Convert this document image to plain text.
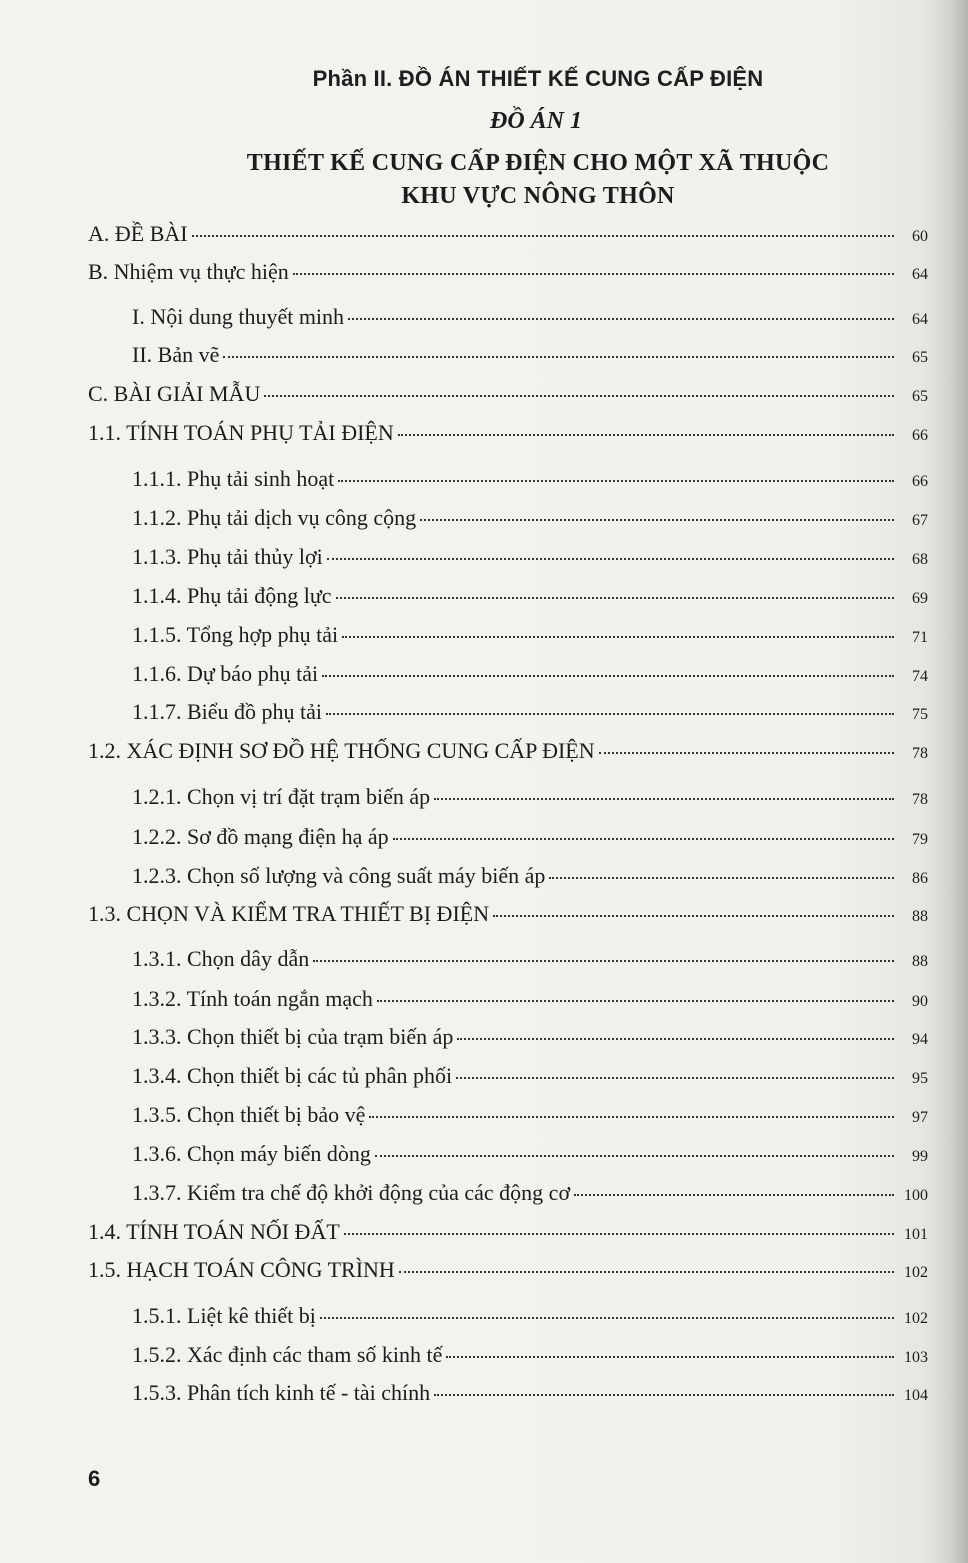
Phần II. ĐỒ ÁN THIẾT KẾ CUNG CẤP ĐIỆN
ĐỒ ÁN 1
THIẾT KẾ CUNG CẤP ĐIỆN CHO MỘT XÃ THUỘC
KHU VỰC NÔNG THÔN
A. ĐỀ BÀI	60
B. Nhiệm vụ thực hiện	64
I. Nội dung thuyết minh	64
II. Bản vẽ	65
C. BÀI GIẢI MẪU	65
1.1. TÍNH TOÁN PHỤ TẢI ĐIỆN	66
1.1.1. Phụ tải sinh hoạt	66
1.1.2. Phụ tải dịch vụ công cộng	67
1.1.3. Phụ tải thủy lợi	68
1.1.4. Phụ tải động lực	69
1.1.5. Tổng hợp phụ tải	71
1.1.6. Dự báo phụ tải	74
1.1.7. Biểu đồ phụ tải	75
1.2. XÁC ĐỊNH SƠ ĐỒ HỆ THỐNG CUNG CẤP ĐIỆN	78
1.2.1. Chọn vị trí đặt trạm biến áp	78
1.2.2. Sơ đồ mạng điện hạ áp	79
1.2.3. Chọn số lượng và công suất máy biến áp	86
1.3. CHỌN VÀ KIỂM TRA THIẾT BỊ ĐIỆN	88
1.3.1. Chọn dây dẫn	88
1.3.2. Tính toán ngắn mạch	90
1.3.3. Chọn thiết bị của trạm biến áp	94
1.3.4. Chọn thiết bị các tủ phân phối	95
1.3.5. Chọn thiết bị bảo vệ	97
1.3.6. Chọn máy biến dòng	99
1.3.7. Kiểm tra chế độ khởi động của các động cơ	100
1.4. TÍNH TOÁN NỐI ĐẤT	101
1.5. HẠCH TOÁN CÔNG TRÌNH	102
1.5.1. Liệt kê thiết bị	102
1.5.2. Xác định các tham số kinh tế	103
1.5.3. Phân tích kinh tế - tài chính	104
6
